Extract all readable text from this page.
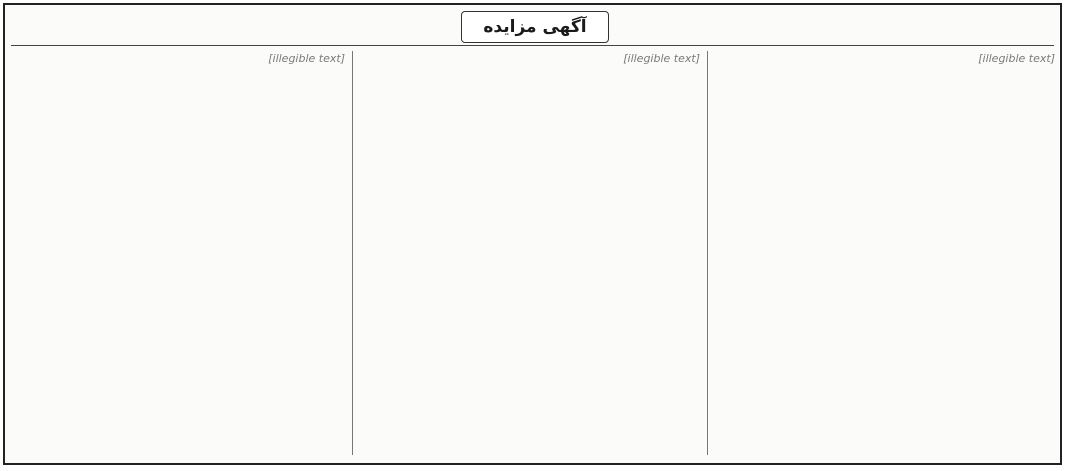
آگهی مزایده

[illegible text]

[illegible text]

[illegible text]
